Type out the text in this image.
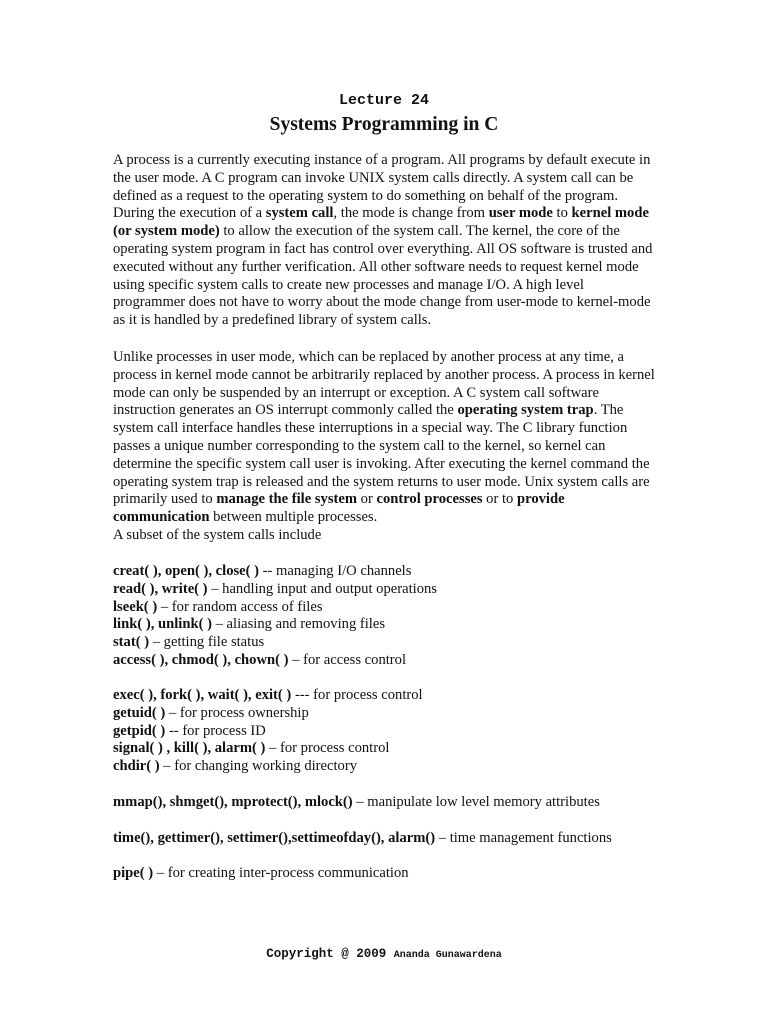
Lecture 24
Systems Programming in C
A process is a currently executing instance of a program. All programs by default execute in the user mode. A C program can invoke UNIX system calls directly. A system call can be defined as a request to the operating system to do something on behalf of the program. During the execution of a system call, the mode is change from user mode to kernel mode (or system mode) to allow the execution of the system call. The kernel, the core of the operating system program in fact has control over everything. All OS software is trusted and executed without any further verification. All other software needs to request kernel mode using specific system calls to create new processes and manage I/O. A high level programmer does not have to worry about the mode change from user-mode to kernel-mode as it is handled by a predefined library of system calls.
Unlike processes in user mode, which can be replaced by another process at any time, a process in kernel mode cannot be arbitrarily replaced by another process. A process in kernel mode can only be suspended by an interrupt or exception. A C system call software instruction generates an OS interrupt commonly called the operating system trap. The system call interface handles these interruptions in a special way. The C library function passes a unique number corresponding to the system call to the kernel, so kernel can determine the specific system call user is invoking. After executing the kernel command the operating system trap is released and the system returns to user mode. Unix system calls are primarily used to manage the file system or control processes or to provide communication between multiple processes.
A subset of the system calls include
creat( ), open( ), close( ) -- managing I/O channels
read( ), write( ) – handling input and output operations
lseek( ) – for random access of files
link( ), unlink( ) – aliasing and removing files
stat( ) – getting file status
access( ), chmod( ), chown( ) – for access control
exec( ), fork( ), wait( ), exit( ) --- for process control
getuid( ) – for process ownership
getpid( ) -- for process ID
signal( ) , kill( ), alarm( ) – for process control
chdir( ) – for changing working directory
mmap(), shmget(), mprotect(), mlock() – manipulate low level memory attributes
time(), gettimer(), settimer(),settimeofday(), alarm() – time management functions
pipe( ) – for creating inter-process communication
Copyright @ 2009 Ananda Gunawardena
